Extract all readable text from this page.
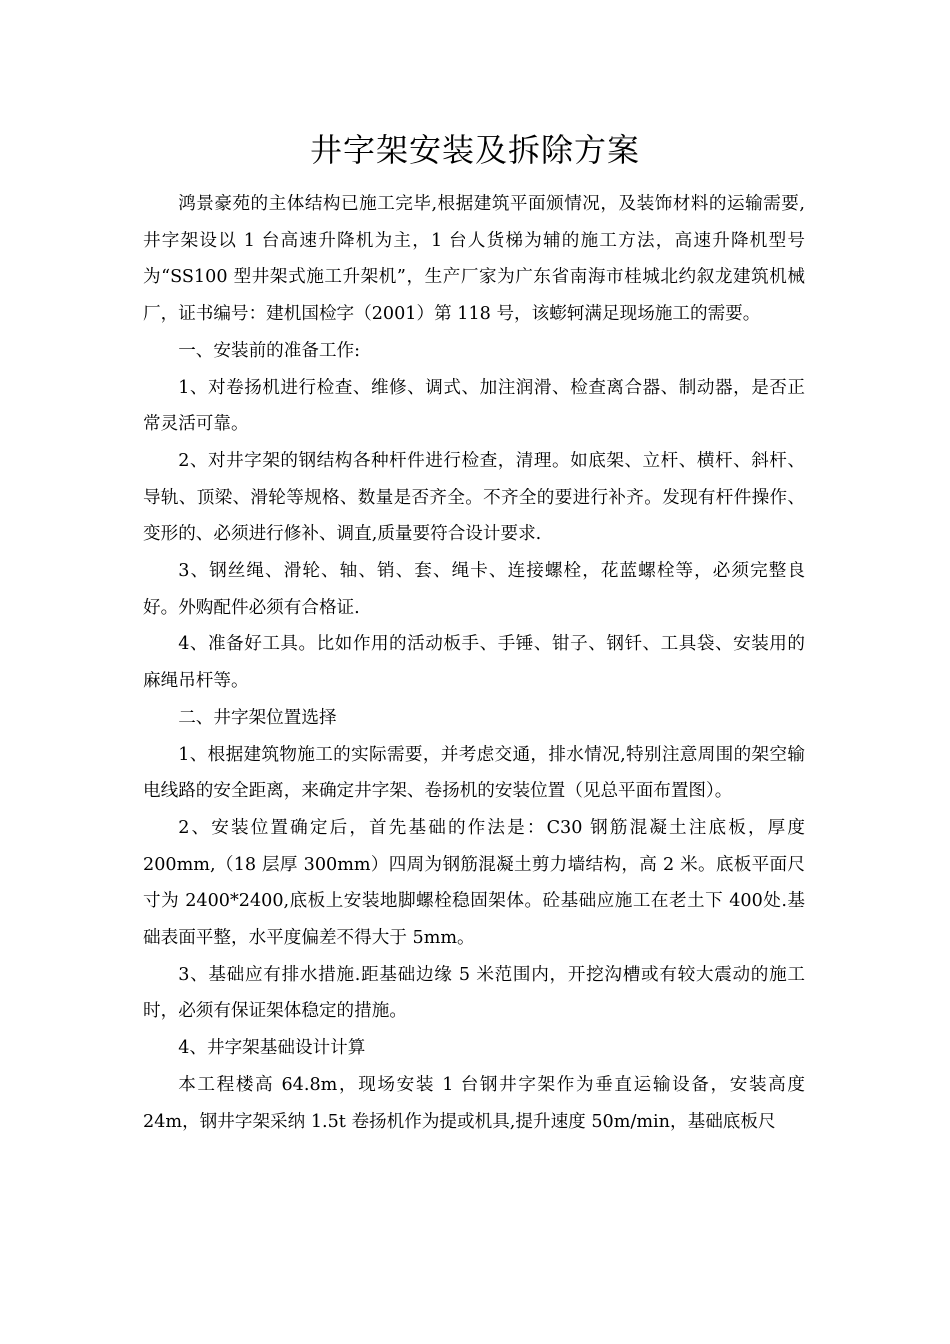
井字架安装及拆除方案

鸿景豪苑的主体结构已施工完毕,根据建筑平面颁情况，及装饰材料的运输需要,井字架设以 1 台高速升降机为主，1 台人货梯为辅的施工方法，高速升降机型号为“SS100 型井架式施工升架机”，生产厂家为广东省南海市桂城北约叙龙建筑机械厂，证书编号：建机国检字（2001）第 118 号，该蟛轲满足现场施工的需要。

一、安装前的准备工作:

1、对卷扬机进行检查、维修、调式、加注润滑、检查离合器、制动器，是否正常灵活可靠。

2、对井字架的钢结构各种杆件进行检查，清理。如底架、立杆、横杆、斜杆、导轨、顶梁、滑轮等规格、数量是否齐全。不齐全的要进行补齐。发现有杆件操作、变形的、必须进行修补、调直,质量要符合设计要求.

3、钢丝绳、滑轮、轴、销、套、绳卡、连接螺栓，花蓝螺栓等，必须完整良好。外购配件必须有合格证.

4、准备好工具。比如作用的活动板手、手锤、钳子、钢钎、工具袋、安装用的麻绳吊杆等。

二、井字架位置选择

1、根据建筑物施工的实际需要，并考虑交通，排水情况,特别注意周围的架空输电线路的安全距离，来确定井字架、卷扬机的安装位置（见总平面布置图）。

2、安装位置确定后，首先基础的作法是：C30 钢筋混凝土注底板，厚度200mm,（18 层厚 300mm）四周为钢筋混凝土剪力墙结构，高 2 米。底板平面尺寸为 2400*2400,底板上安装地脚螺栓稳固架体。砼基础应施工在老土下 400处.基础表面平整，水平度偏差不得大于 5mm。

3、基础应有排水措施.距基础边缘 5 米范围内，开挖沟槽或有较大震动的施工时，必须有保证架体稳定的措施。

4、井字架基础设计计算

本工程楼高 64.8m，现场安装 1 台钢井字架作为垂直运输设备，安装高度24m，钢井字架采纳 1.5t 卷扬机作为提或机具,提升速度 50m/min，基础底板尺
